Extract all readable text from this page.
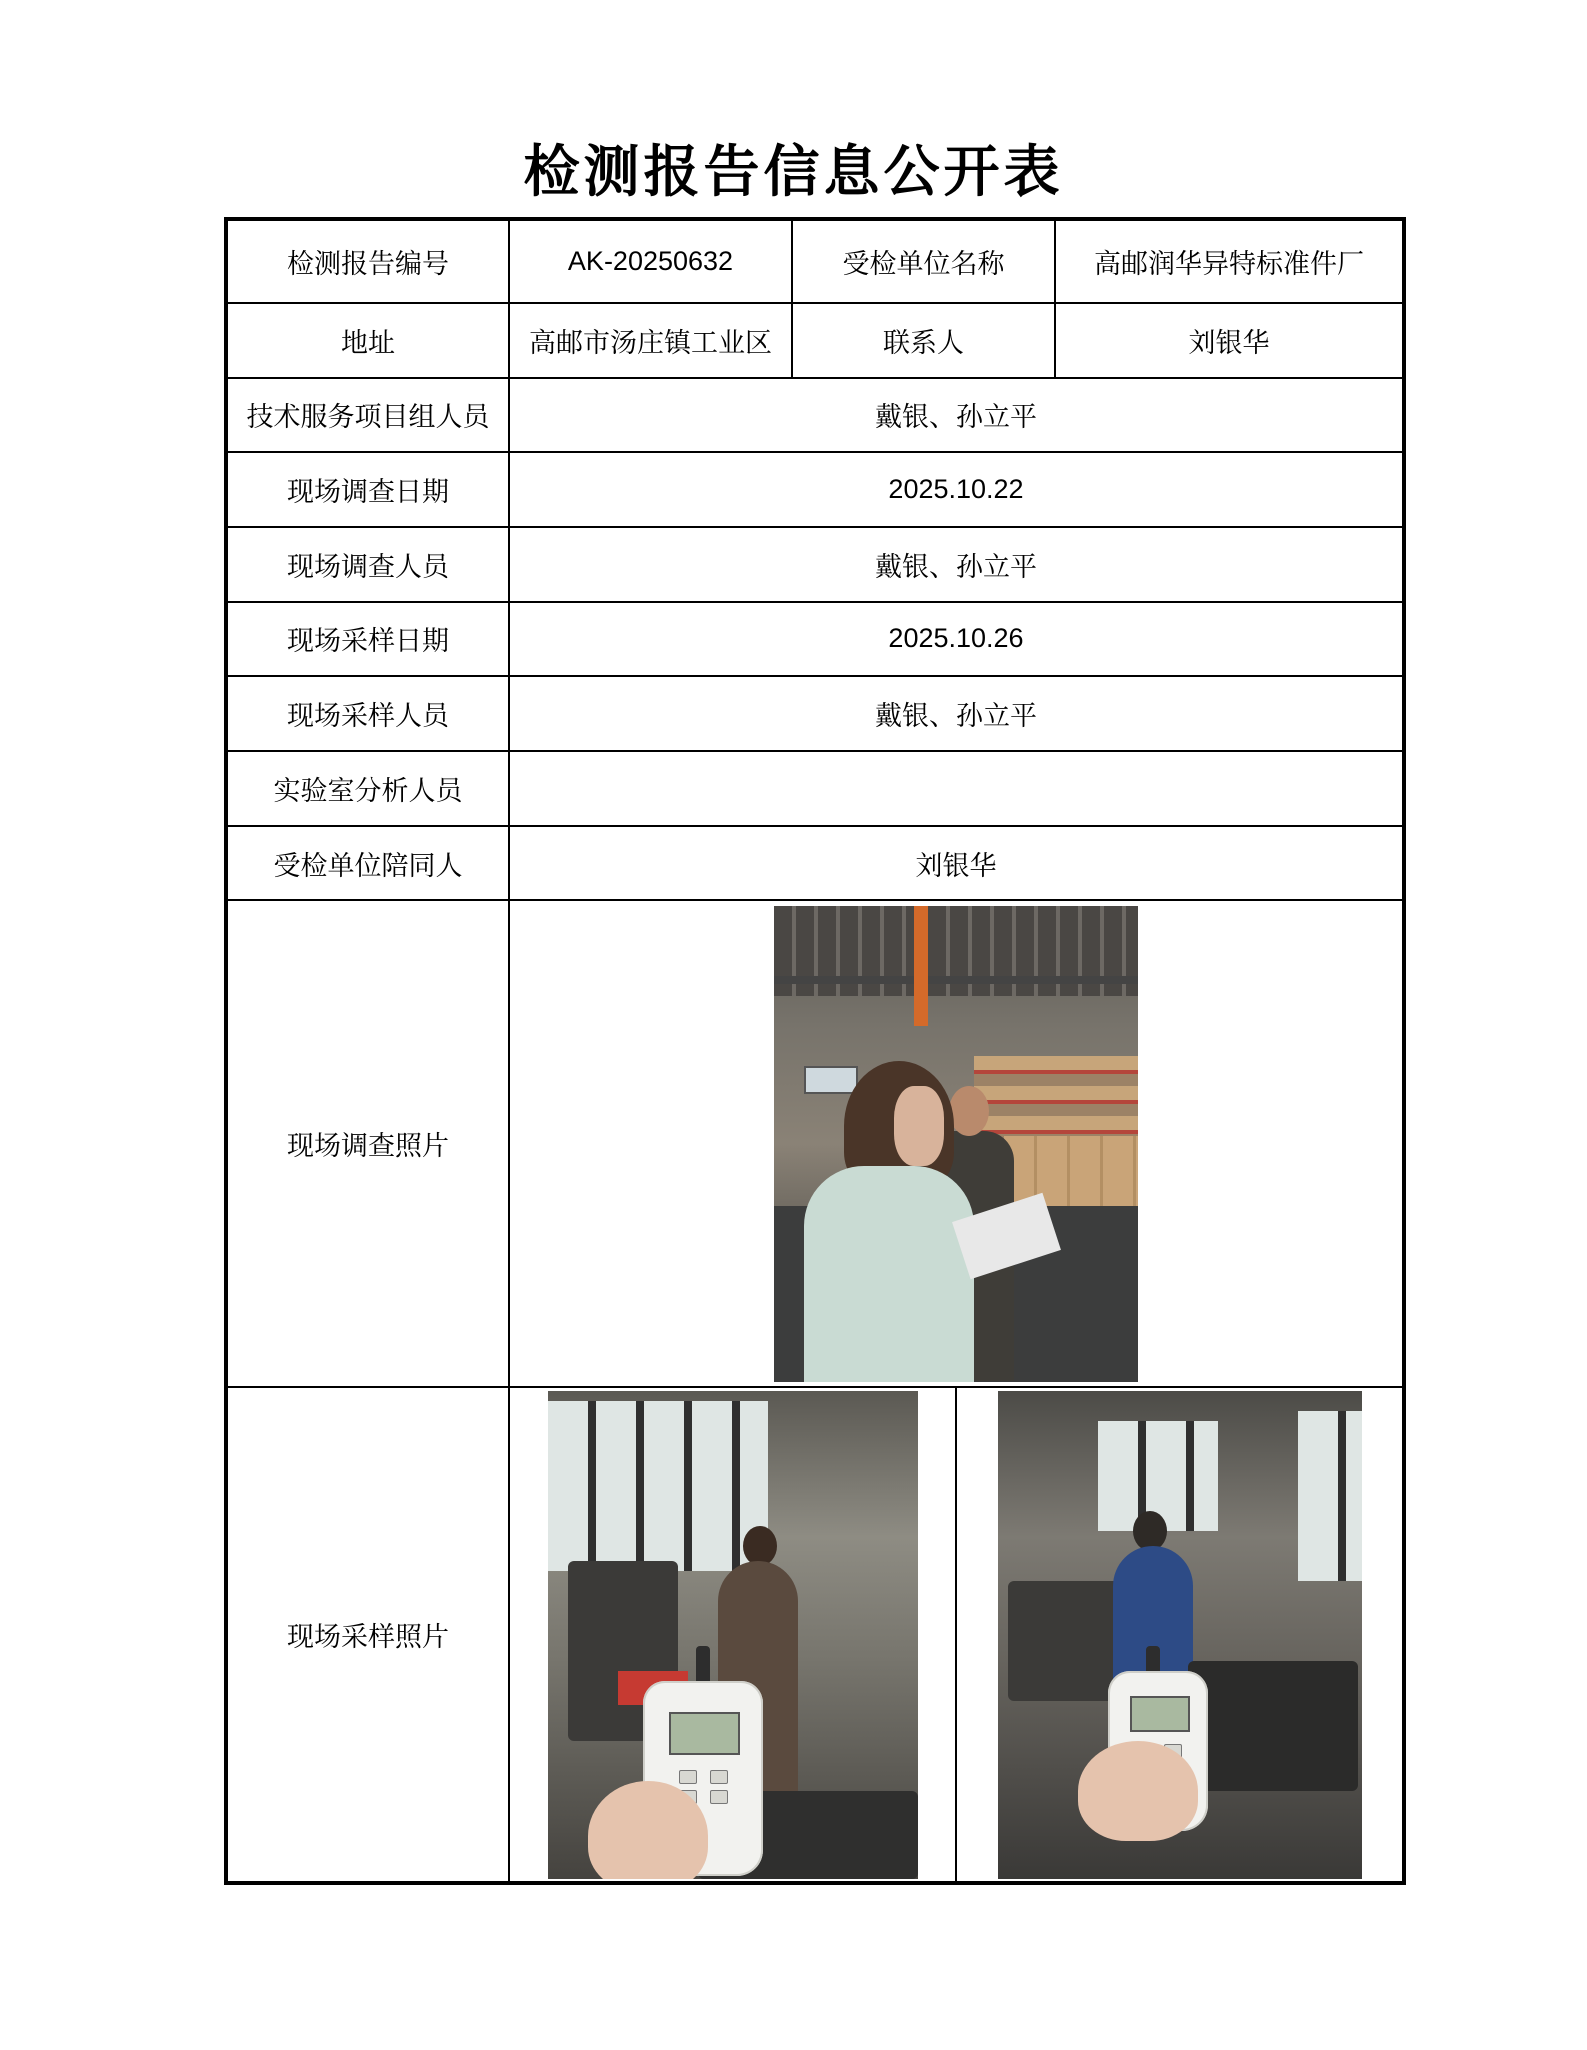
检测报告信息公开表
检测报告编号	AK-20250632	受检单位名称	高邮润华异特标准件厂
地址	高邮市汤庄镇工业区	联系人	刘银华
技术服务项目组人员	戴银、孙立平		
现场调查日期	2025.10.22		
现场调查人员	戴银、孙立平		
现场采样日期	2025.10.26		
现场采样人员	戴银、孙立平		
实验室分析人员			
受检单位陪同人	刘银华		
现场调查照片			

现场采样照片			
